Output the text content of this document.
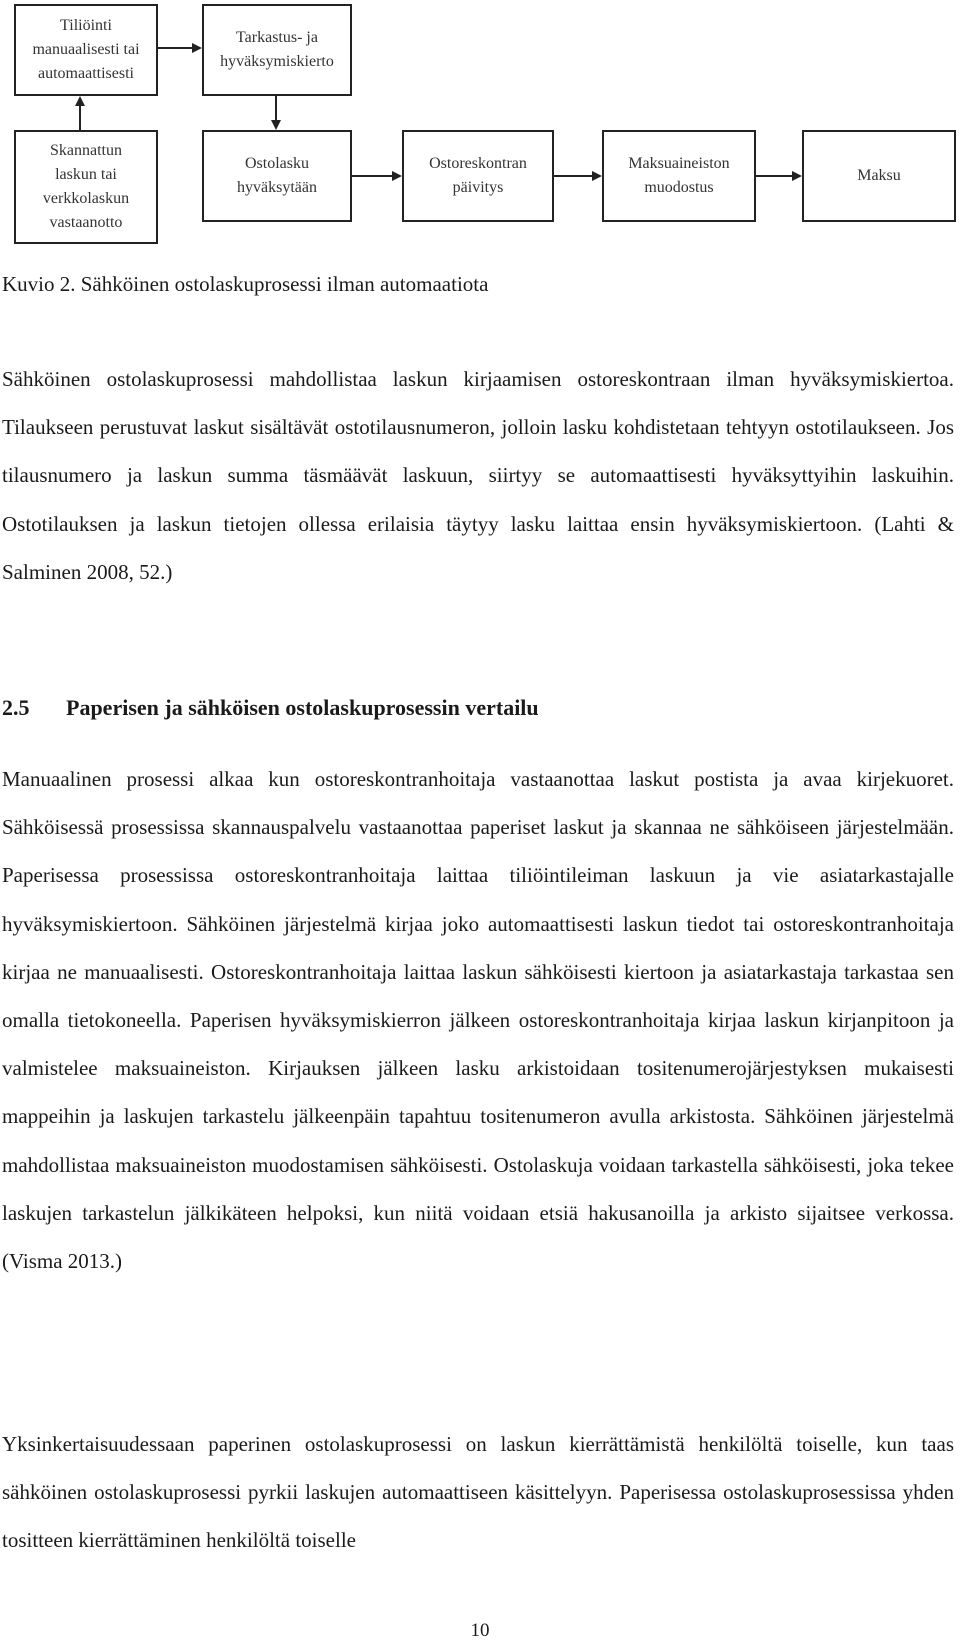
Tiliöinti
manuaalisesti tai
automaattisesti
Tarkastus- ja
hyväksymiskierto
Skannattun
laskun tai
verkkolaskun
vastaanotto
Ostolasku
hyväksytään
Ostoreskontran
päivitys
Maksuaineiston
muodostus
Maksu

Kuvio 2. Sähköinen ostolaskuprosessi ilman automaatiota

Sähköinen ostolaskuprosessi mahdollistaa laskun kirjaamisen ostoreskontraan ilman hyväksymiskiertoa. Tilaukseen perustuvat laskut sisältävät ostotilausnumeron, jolloin lasku kohdistetaan tehtyyn ostotilaukseen. Jos tilausnumero ja laskun summa täsmäävät laskuun, siirtyy se automaattisesti hyväksyttyihin laskuihin. Ostotilauksen ja laskun tietojen ollessa erilaisia täytyy lasku laittaa ensin hyväksymiskiertoon. (Lahti & Salminen 2008, 52.)

2.5	Paperisen ja sähköisen ostolaskuprosessin vertailu

Manuaalinen prosessi alkaa kun ostoreskontranhoitaja vastaanottaa laskut postista ja avaa kirjekuoret. Sähköisessä prosessissa skannauspalvelu vastaanottaa paperiset laskut ja skannaa ne sähköiseen järjestelmään. Paperisessa prosessissa ostoreskontranhoitaja laittaa tiliöintileiman laskuun ja vie asiatarkastajalle hyväksymiskiertoon. Sähköinen järjestelmä kirjaa joko automaattisesti laskun tiedot tai ostoreskontranhoitaja kirjaa ne manuaalisesti. Ostoreskontranhoitaja laittaa laskun sähköisesti kiertoon ja asiatarkastaja tarkastaa sen omalla tietokoneella. Paperisen hyväksymiskierron jälkeen ostoreskontranhoitaja kirjaa laskun kirjanpitoon ja valmistelee maksuaineiston. Kirjauksen jälkeen lasku arkistoidaan tositenumerojärjestyksen mukaisesti mappeihin ja laskujen tarkastelu jälkeenpäin tapahtuu tositenumeron avulla arkistosta. Sähköinen järjestelmä mahdollistaa maksuaineiston muodostamisen sähköisesti. Ostolaskuja voidaan tarkastella sähköisesti, joka tekee laskujen tarkastelun jälkikäteen helpoksi, kun niitä voidaan etsiä hakusanoilla ja arkisto sijaitsee verkossa. (Visma 2013.)

Yksinkertaisuudessaan paperinen ostolaskuprosessi on laskun kierrättämistä henkilöltä toiselle, kun taas sähköinen ostolaskuprosessi pyrkii laskujen automaattiseen käsittelyyn. Paperisessa ostolaskuprosessissa yhden tositteen kierrättäminen henkilöltä toiselle

10
